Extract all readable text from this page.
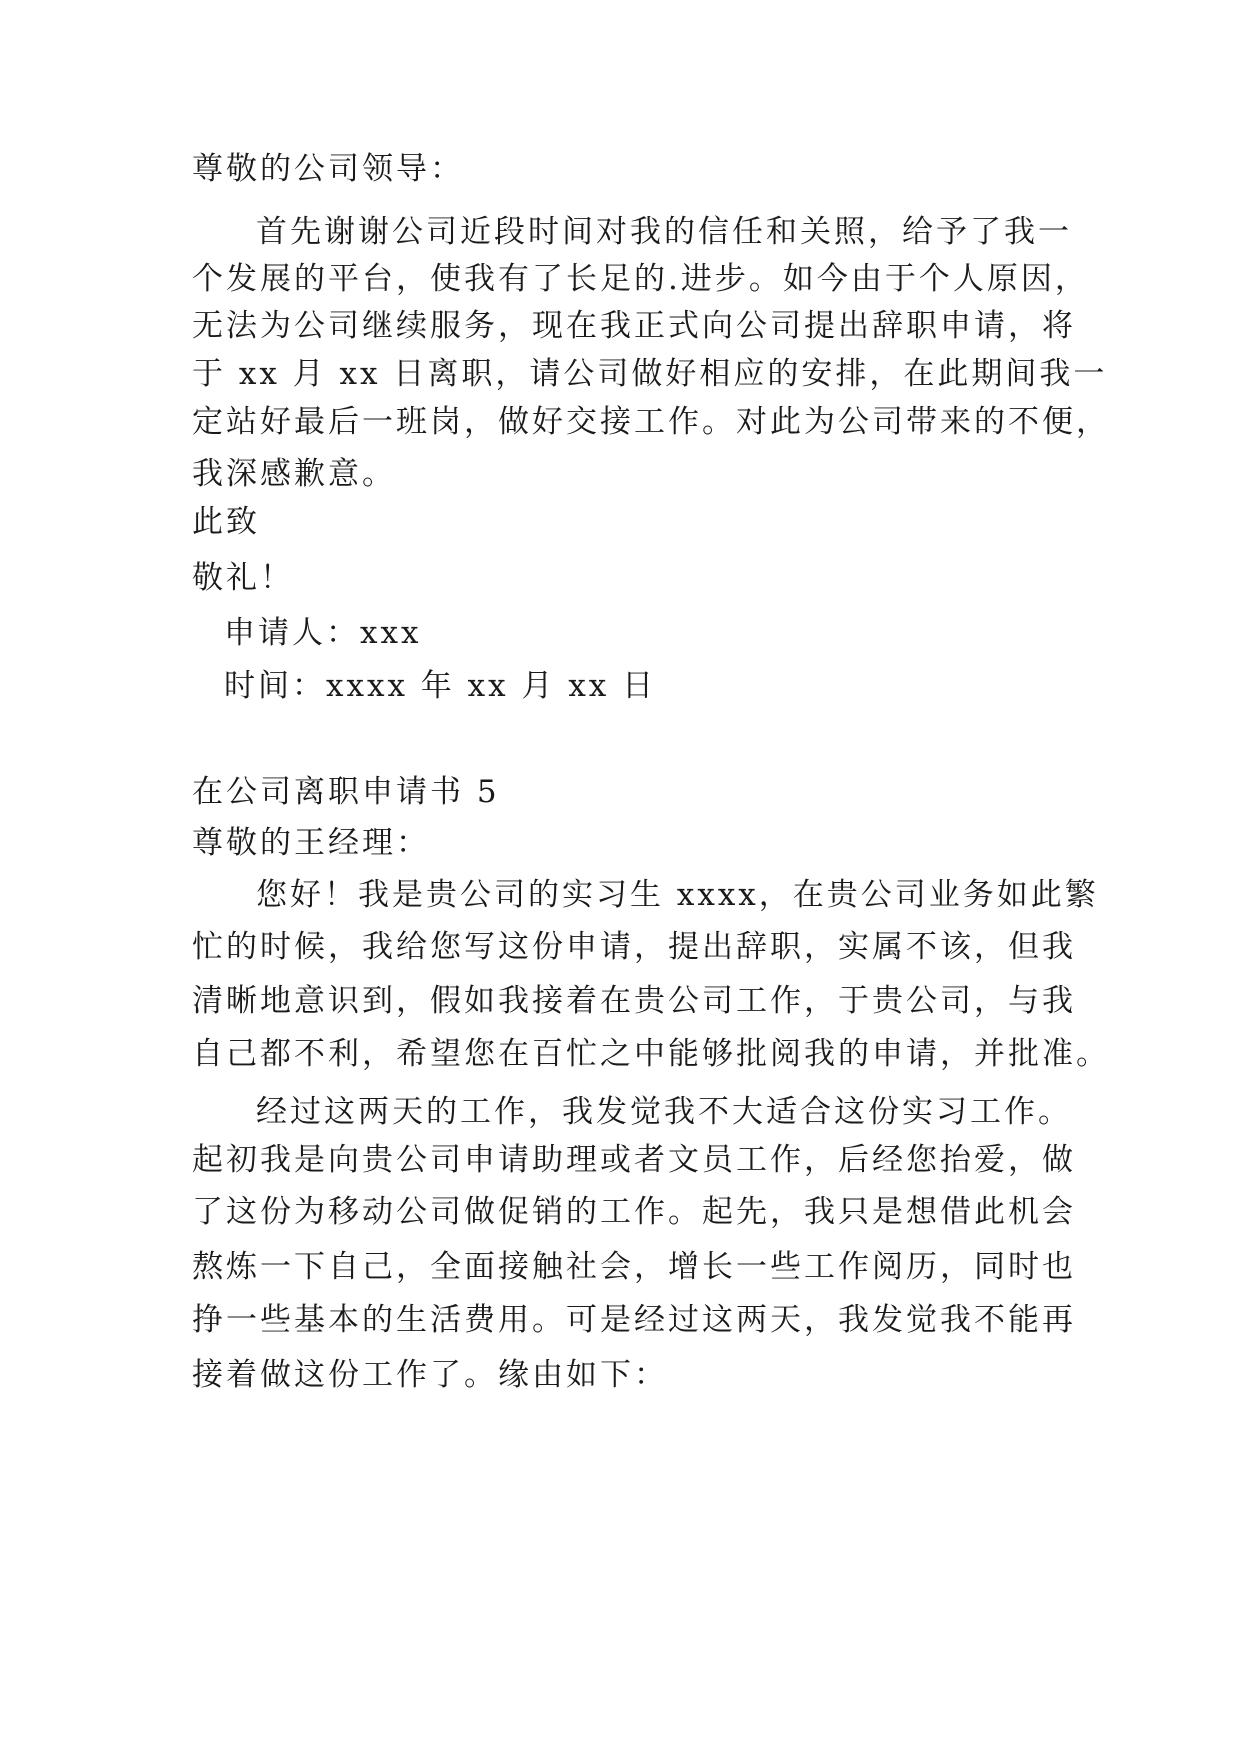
尊敬的公司领导：
首先谢谢公司近段时间对我的信任和关照，给予了我一
个发展的平台，使我有了长足的.进步。如今由于个人原因，
无法为公司继续服务，现在我正式向公司提出辞职申请，将
于 xx 月 xx 日离职，请公司做好相应的安排，在此期间我一
定站好最后一班岗，做好交接工作。对此为公司带来的不便，
我深感歉意。
此致
敬礼！
申请人：xxx
时间：xxxx 年 xx 月 xx 日
在公司离职申请书 5
尊敬的王经理：
您好！我是贵公司的实习生 xxxx，在贵公司业务如此繁
忙的时候，我给您写这份申请，提出辞职，实属不该，但我
清晰地意识到，假如我接着在贵公司工作，于贵公司，与我
自己都不利，希望您在百忙之中能够批阅我的申请，并批准。
经过这两天的工作，我发觉我不大适合这份实习工作。
起初我是向贵公司申请助理或者文员工作，后经您抬爱，做
了这份为移动公司做促销的工作。起先，我只是想借此机会
熬炼一下自己，全面接触社会，增长一些工作阅历，同时也
挣一些基本的生活费用。可是经过这两天，我发觉我不能再
接着做这份工作了。缘由如下：
